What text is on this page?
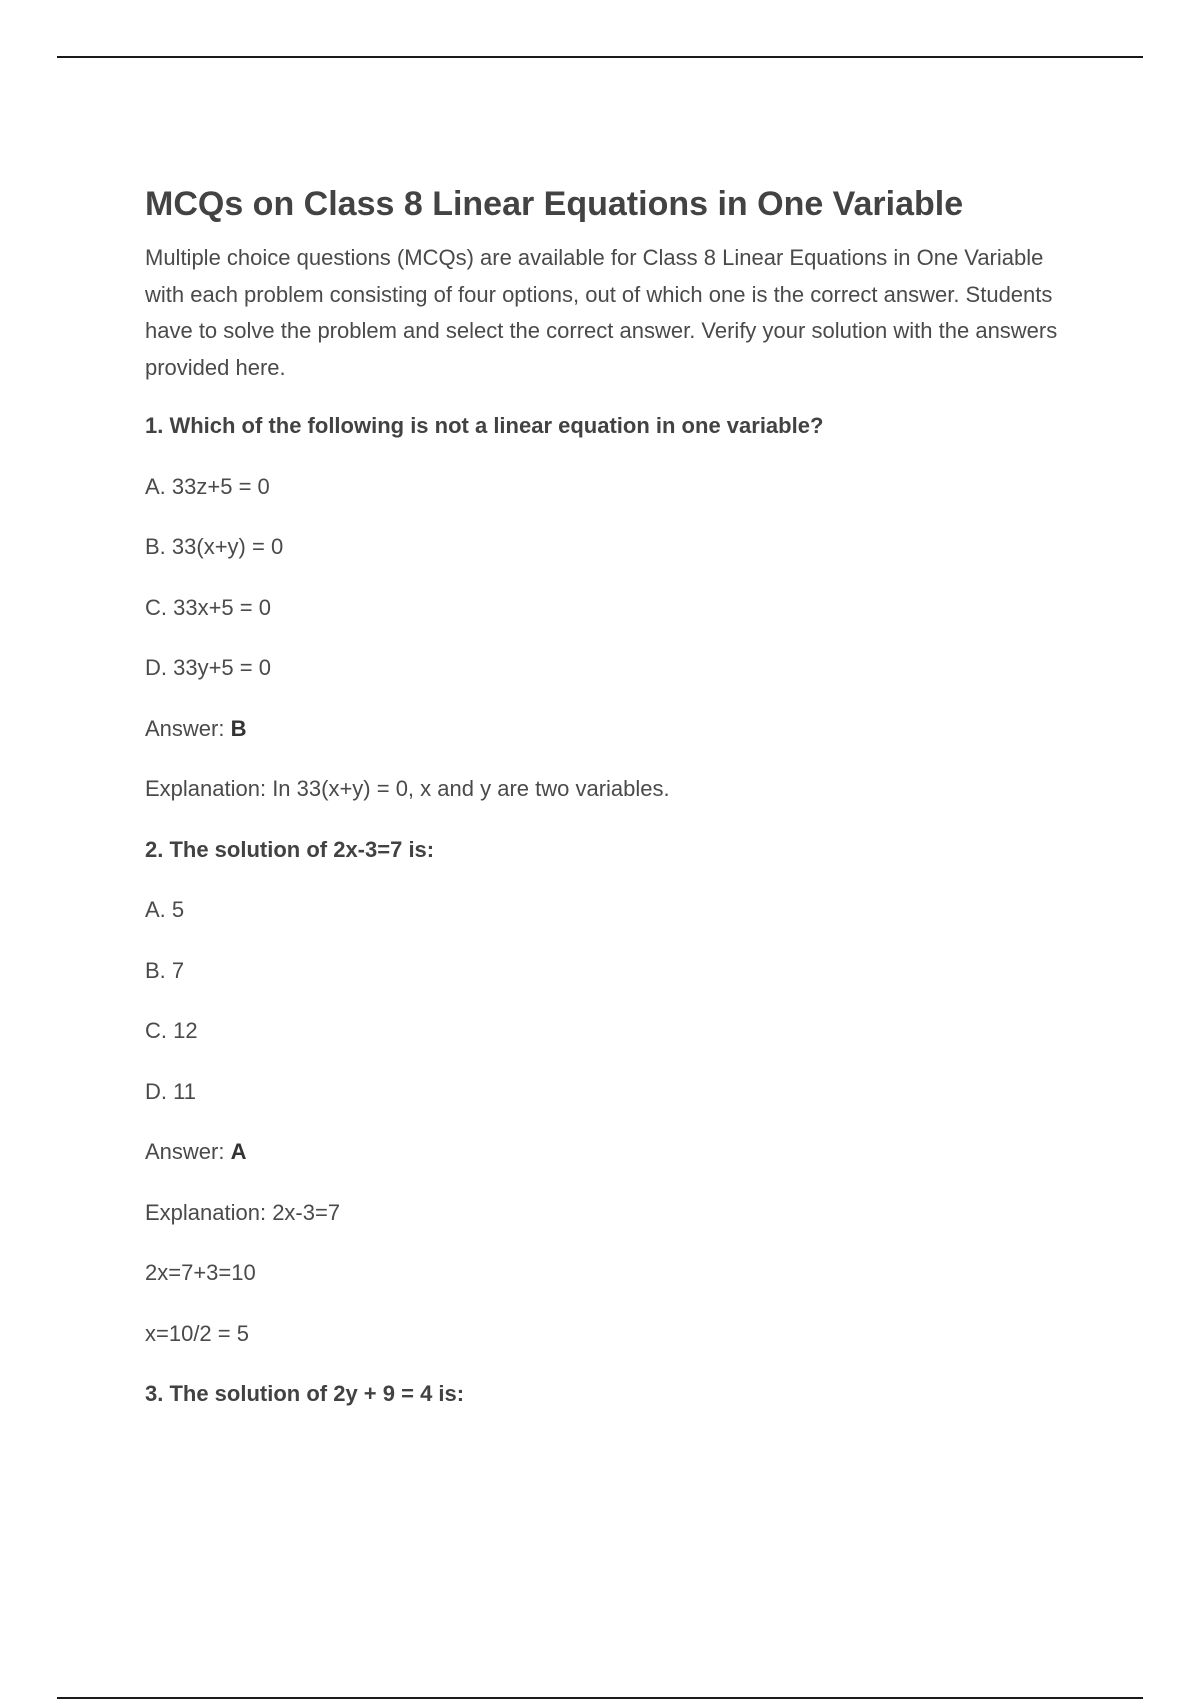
MCQs on Class 8 Linear Equations in One Variable

Multiple choice questions (MCQs) are available for Class 8 Linear Equations in One Variable with each problem consisting of four options, out of which one is the correct answer. Students have to solve the problem and select the correct answer. Verify your solution with the answers provided here.

1. Which of the following is not a linear equation in one variable?

A. 33z+5 = 0

B. 33(x+y) = 0

C. 33x+5 = 0

D. 33y+5 = 0

Answer: B

Explanation: In 33(x+y) = 0, x and y are two variables.

2. The solution of 2x-3=7 is:

A. 5

B. 7

C. 12

D. 11

Answer: A

Explanation: 2x-3=7

2x=7+3=10

x=10/2 = 5

3. The solution of 2y + 9 = 4 is:
